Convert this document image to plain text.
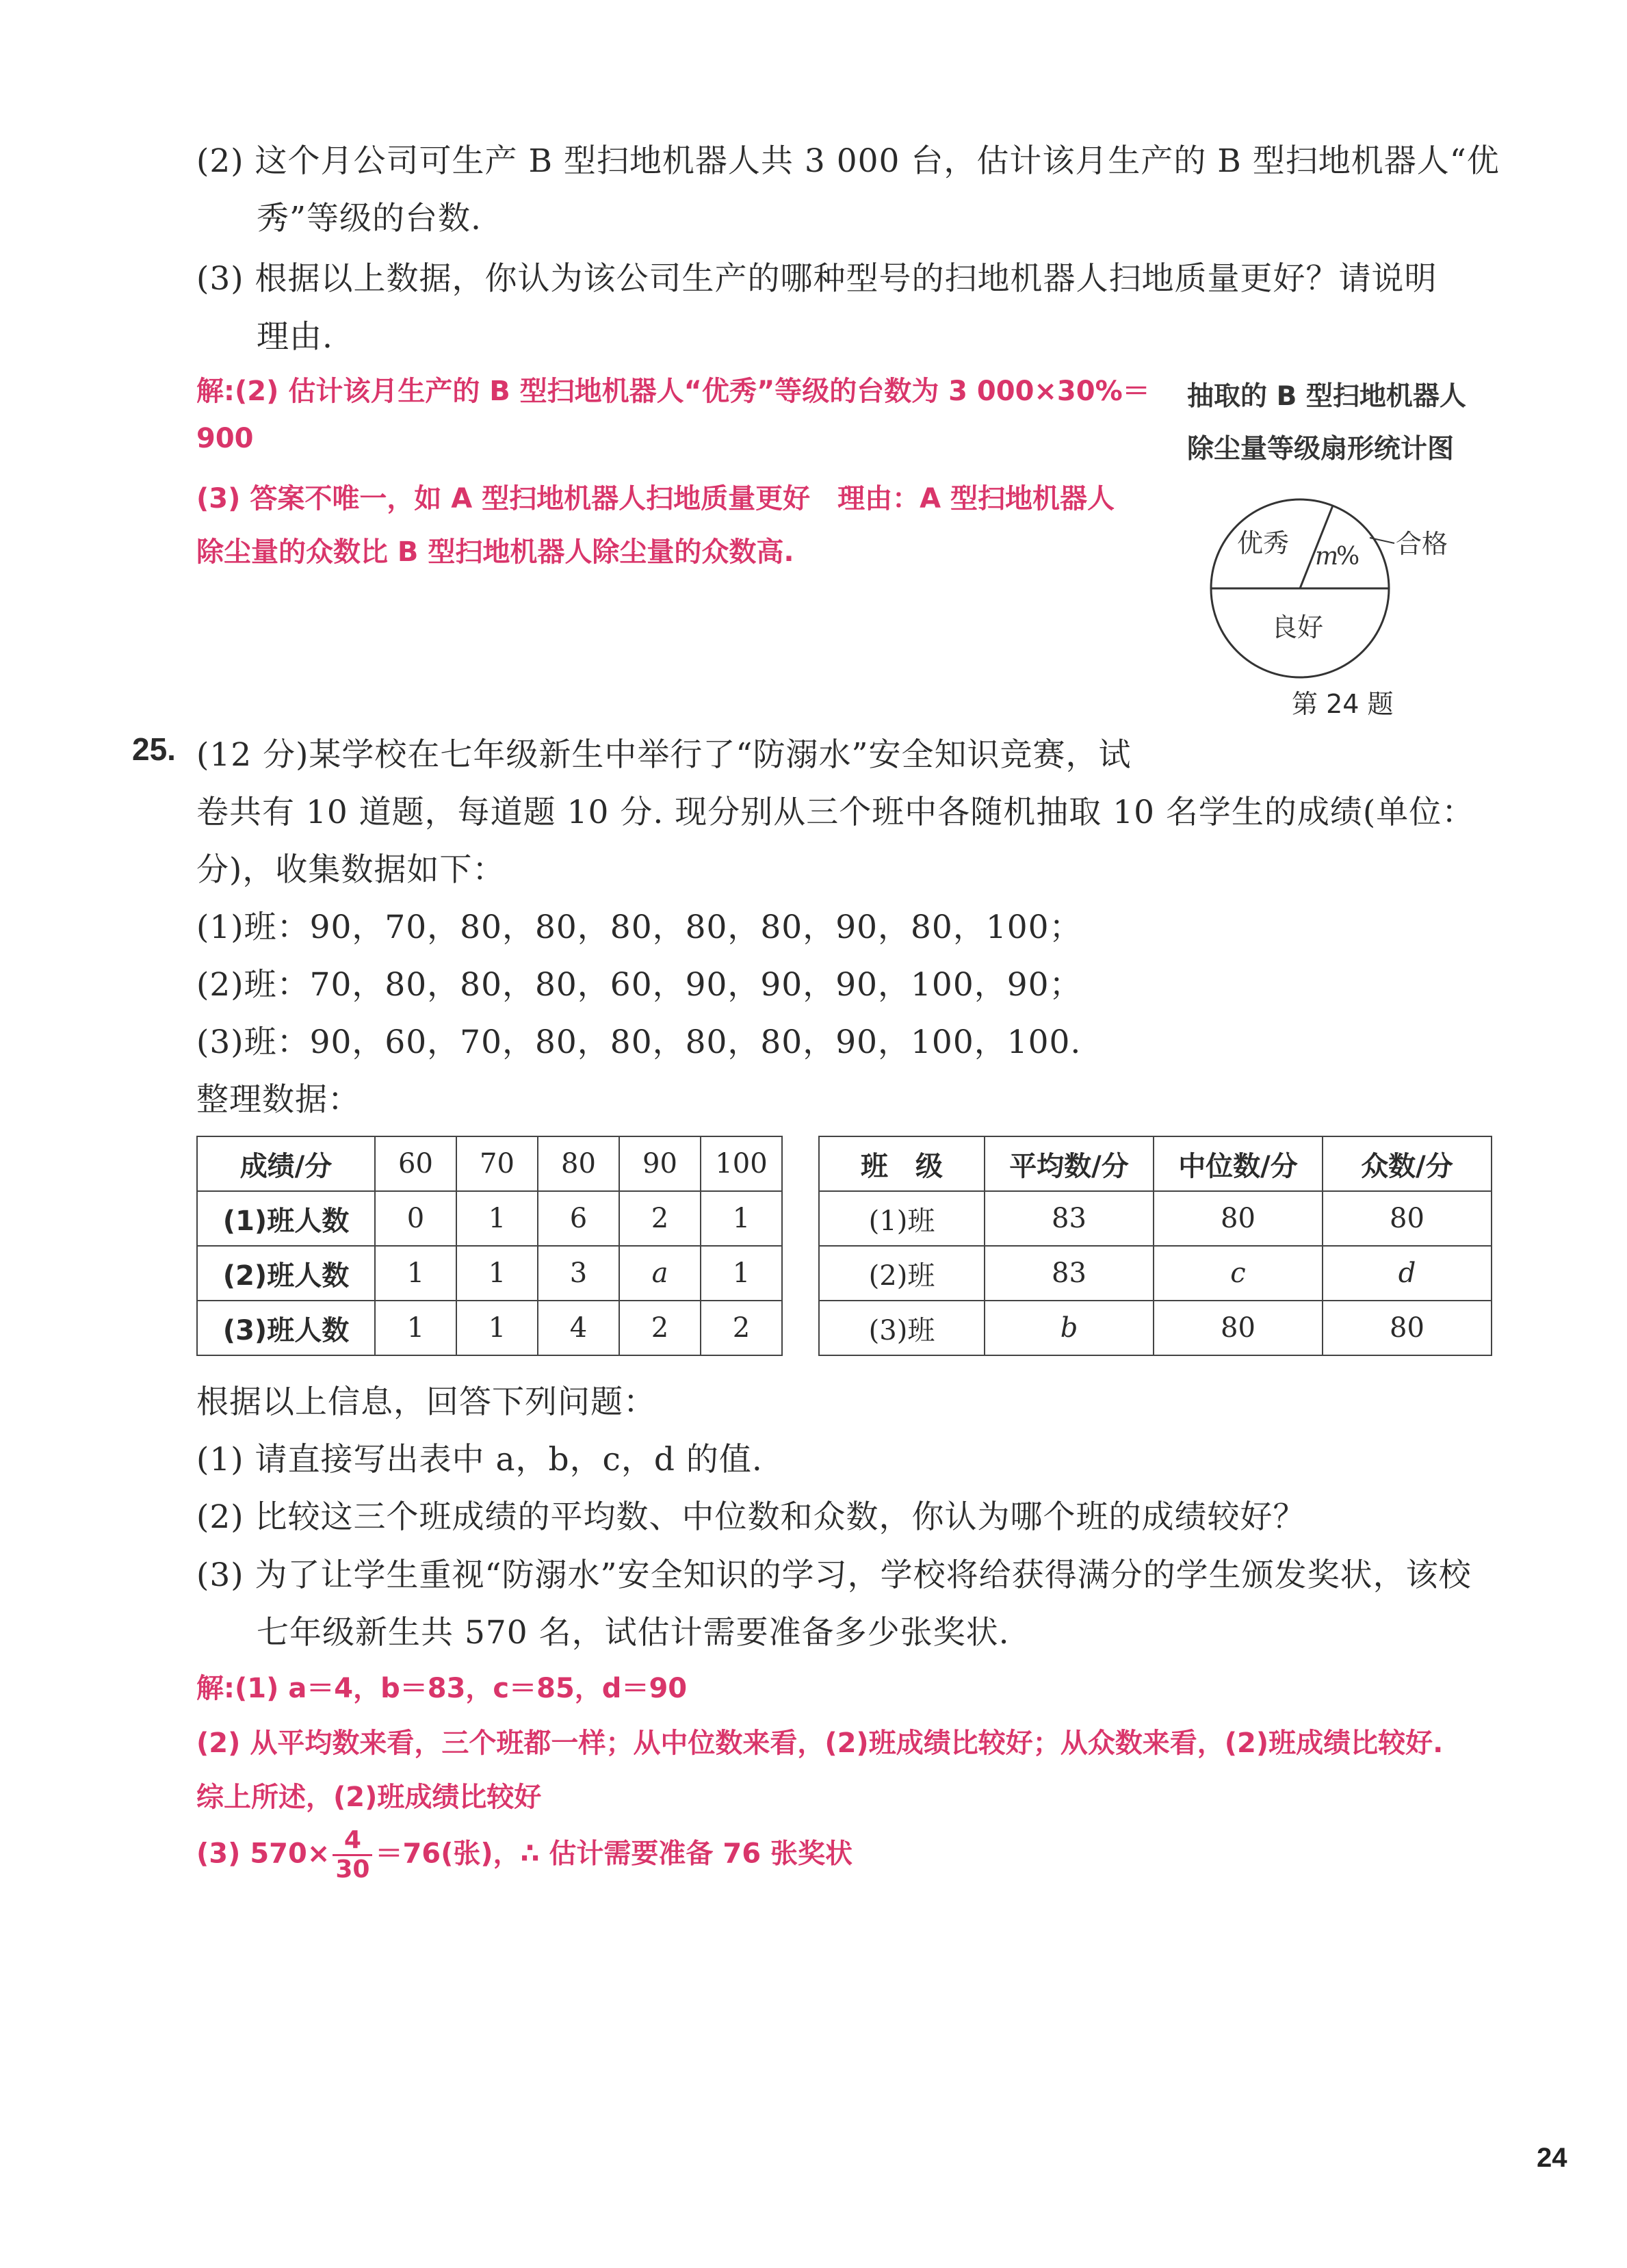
(2) 这个月公司可生产 B 型扫地机器人共 3 000 台，估计该月生产的 B 型扫地机器人“优
秀”等级的台数.
(3) 根据以上数据，你认为该公司生产的哪种型号的扫地机器人扫地质量更好？请说明
理由.
解:(2) 估计该月生产的 B 型扫地机器人“优秀”等级的台数为 3 000×30%＝
900
(3) 答案不唯一，如 A 型扫地机器人扫地质量更好　理由：A 型扫地机器人
除尘量的众数比 B 型扫地机器人除尘量的众数高.
抽取的 B 型扫地机器人
除尘量等级扇形统计图
优秀 m
% 合格
良好
第 24 题
25. (12 分)某学校在七年级新生中举行了“防溺水”安全知识竞赛，试
卷共有 10 道题，每道题 10 分. 现分别从三个班中各随机抽取 10 名学生的成绩(单位：
分)，收集数据如下：
(1)班：90，70，80，80，80，80，80，90，80，100；
(2)班：70，80，80，80，60，90，90，90，100，90；
(3)班：90，60，70，80，80，80，80，90，100，100.
整理数据：
成绩/分	60	70	80	90	100
(1)班人数	0	1	6	2	1
(2)班人数	1	1	3	a	1
(3)班人数	1	1	4	2	2
班　级	平均数/分	中位数/分	众数/分
(1)班	83	80	80
(2)班	83	c	d
(3)班	b	80	80
根据以上信息，回答下列问题：
(1) 请直接写出表中 a，b，c，d 的值.
(2) 比较这三个班成绩的平均数、中位数和众数，你认为哪个班的成绩较好？
(3) 为了让学生重视“防溺水”安全知识的学习，学校将给获得满分的学生颁发奖状，该校
七年级新生共 570 名，试估计需要准备多少张奖状.
解:(1) a＝4，b＝83，c＝85，d＝90
(2) 从平均数来看，三个班都一样；从中位数来看，(2)班成绩比较好；从众数来看，(2)班成绩比较好.
综上所述，(2)班成绩比较好
(3) $570\times \frac{4}{30} =76$(张)，∴ 估计需要准备 76 张奖状
24
